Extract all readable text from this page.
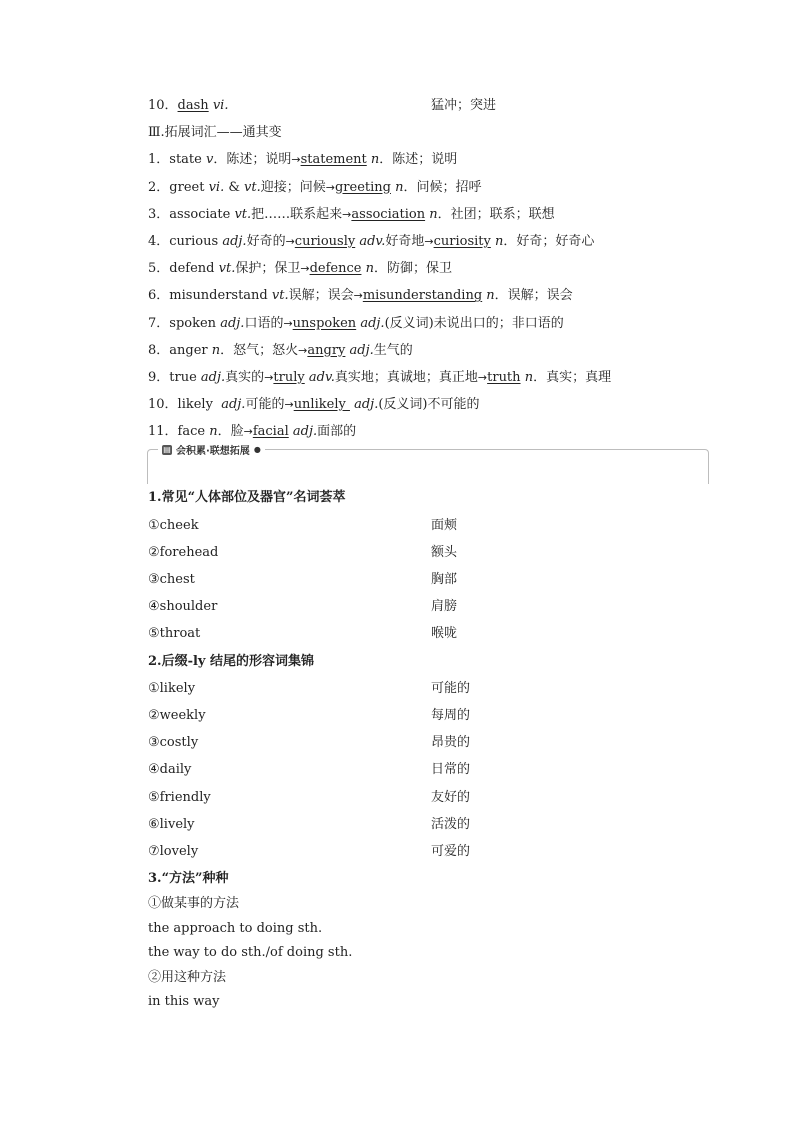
10．dash vi.	猛冲；突进
Ⅲ.拓展词汇——通其变
1．state v．陈述；说明→statement n．陈述；说明
2．greet vi. & vt.迎接；问候→greeting n．问候；招呼
3．associate vt.把……联系起来→association n．社团；联系；联想
4．curious adj.好奇的→curiously adv.好奇地→curiosity n．好奇；好奇心
5．defend vt.保护；保卫→defence n．防御；保卫
6．misunderstand vt.误解；误会→misunderstanding n．误解；误会
7．spoken adj.口语的→unspoken adj.(反义词)未说出口的；非口语的
8．anger n．怒气；怒火→angry adj.生气的
9．true adj.真实的→truly adv.真实地；真诚地；真正地→truth n．真实；真理
10．likely  adj.可能的→unlikely  adj.(反义词)不可能的
11．face n．脸→facial adj.面部的
▤ 会积累·联想拓展 ●
1.常见“人体部位及器官”名词荟萃
①cheek	面颊
②forehead	额头
③chest	胸部
④shoulder	肩膀
⑤throat	喉咙
2.后缀-ly 结尾的形容词集锦
①likely	可能的
②weekly	每周的
③costly	昂贵的
④daily	日常的
⑤friendly	友好的
⑥lively	活泼的
⑦lovely	可爱的
3.“方法”种种
①做某事的方法
the approach to doing sth.
the way to do sth./of doing sth.
②用这种方法
in this way
